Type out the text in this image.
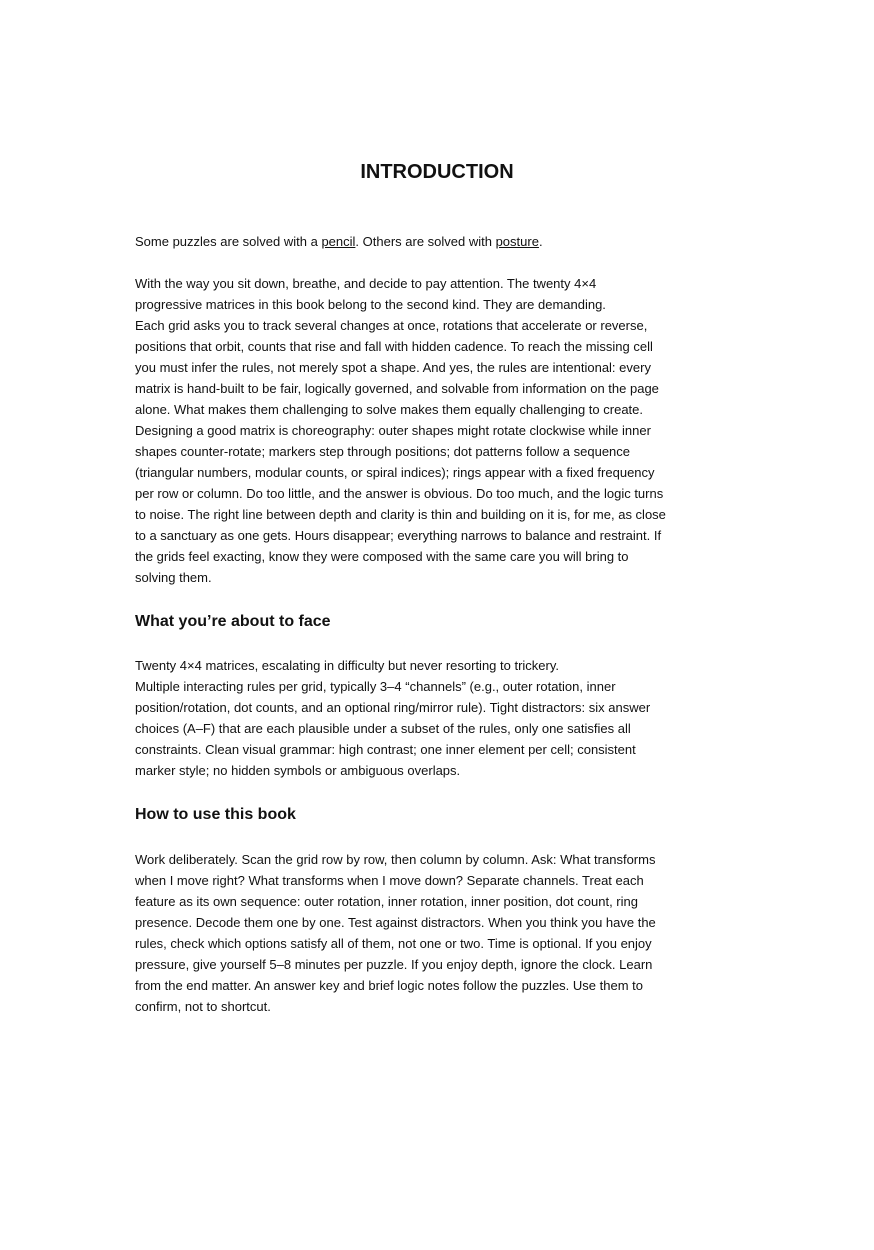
INTRODUCTION
Some puzzles are solved with a pencil. Others are solved with posture.
With the way you sit down, breathe, and decide to pay attention. The twenty 4×4
progressive matrices in this book belong to the second kind. They are demanding.
Each grid asks you to track several changes at once, rotations that accelerate or reverse,
positions that orbit, counts that rise and fall with hidden cadence. To reach the missing cell
you must infer the rules, not merely spot a shape. And yes, the rules are intentional: every
matrix is hand-built to be fair, logically governed, and solvable from information on the page
alone. What makes them challenging to solve makes them equally challenging to create.
Designing a good matrix is choreography: outer shapes might rotate clockwise while inner
shapes counter-rotate; markers step through positions; dot patterns follow a sequence
(triangular numbers, modular counts, or spiral indices); rings appear with a fixed frequency
per row or column. Do too little, and the answer is obvious. Do too much, and the logic turns
to noise. The right line between depth and clarity is thin and building on it is, for me, as close
to a sanctuary as one gets. Hours disappear; everything narrows to balance and restraint. If
the grids feel exacting, know they were composed with the same care you will bring to
solving them.
What you’re about to face
Twenty 4×4 matrices, escalating in difficulty but never resorting to trickery.
Multiple interacting rules per grid, typically 3–4 “channels” (e.g., outer rotation, inner
position/rotation, dot counts, and an optional ring/mirror rule). Tight distractors: six answer
choices (A–F) that are each plausible under a subset of the rules, only one satisfies all
constraints. Clean visual grammar: high contrast; one inner element per cell; consistent
marker style; no hidden symbols or ambiguous overlaps.
How to use this book
Work deliberately. Scan the grid row by row, then column by column. Ask: What transforms
when I move right? What transforms when I move down? Separate channels. Treat each
feature as its own sequence: outer rotation, inner rotation, inner position, dot count, ring
presence. Decode them one by one. Test against distractors. When you think you have the
rules, check which options satisfy all of them, not one or two. Time is optional. If you enjoy
pressure, give yourself 5–8 minutes per puzzle. If you enjoy depth, ignore the clock. Learn
from the end matter. An answer key and brief logic notes follow the puzzles. Use them to
confirm, not to shortcut.
